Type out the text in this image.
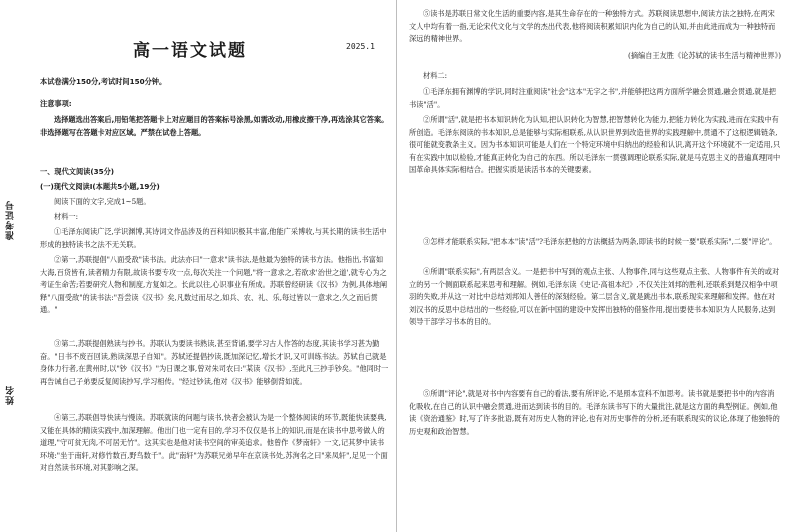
准考证号
姓名
高一语文试题	2025.1
本试卷满分150分,考试时间150分钟。
注意事项:
选择题选出答案后,用铅笔把答题卡上对应题目的答案标号涂黑,如需改动,用橡皮擦干净,再选涂其它答案。非选择题写在答题卡对应区域。严禁在试卷上答题。
一、现代文阅读(35分)
(一)现代文阅读Ⅰ(本题共5小题,19分)
阅读下面的文字,完成1~5题。
材料一:
①毛泽东阅读广泛,学识渊博,其诗词文作品涉及的百科知识极其丰富,他能广采博收,与其长期的读书生活中形成的独特读书之法不无关联。
②第一,苏联提倡"八面受敌"读书法。此法亦曰"一意求"读书法,是他最为独特的读书方法。他指出,书富如大海,百货皆有,读者精力有限,故读书要专攻一点,每次关注一个问题,"将一意求之,若欲求'治世之道',就专心为之考证生命苦;若要研究人物和制度,方复如之。长此以往,心识事业有所成。苏联曾经研读《汉书》为例,具体地阐释"八面受敌"的读书法:"吾尝读《汉书》矣,凡数过而尽之,如兵、农、礼、乐,每过皆以一意求之,久之而后贯通。"
③第二,苏联提倡熟读与抄书。苏联认为要读书熟读,甚至背诵,要学习古人作答的态度,其读书学习甚为勤奋。"日书不废百回读,熟读深思子自知"。苏轼还提倡抄读,既加深记忆,增长才识,又可训练书法。苏轼自己就是身体力行者,在黄州时,以"钞《汉书》"为日课之事,曾对朱司农曰:"某读《汉书》,至此凡三抄手钞矣。"他同时一再告诫自己子弟要反复阅读抄写,学习相传。"经过钞读,他对《汉书》能够倒背如流。
④第三,苏联倡导快读与慢读。苏联就读的问题与读书,快者会被认为是一个整体阅读的环节,既能快读要典,又能在具体的精读实践中,加深理解。他出门也一定有目的,学习不仅仅是书上的知识,而是在读书中思考做人的道理,"守可贫无肉,不可居无竹"。这其实也是他对读书空间的审美追求。他曾作《梦南轩》一文,记其梦中读书环境:"坐于南轩,对修竹数百,野鸟数千"。此"南轩"为苏联兄弟早年在京读书处,苏洵名之曰"来凤轩",足见一个面对自然读书环境,对其影响之深。
⑤读书是苏联日常文化生活的重要内容,是其生命存在的一种独特方式。苏联阅读思想中,阅读方法之独特,在两宋文人中均有着一指,无论宋代文化与文学的杰出代表,他将阅读积累知识内化为自己的认知,并由此进而成为一种独特而深远的精神世界。
(摘编自王友胜《论苏轼的读书生活与精神世界》)
材料二:
①毛泽东拥有渊博的学识,同时注重阅读"社会"这本"无字之书",并能够把这两方面所学融会贯通,融会贯通,就是把书读"活"。
②所谓"活",就是把书本知识转化为认知,把认识转化为智慧,把智慧转化为能力,把能力转化为实践,进而在实践中有所创造。毛泽东阅读的书本知识,总是能够与实际相联系,从认识世界到改造世界的实践理解中,贯通不了这根逻辑链条,很可能就变教条主义。因为书本知识可能是人们在一个特定环境中归纳出的经验和认识,离开这个环境就不一定适用,只有在实践中加以检验,才能真正转化为自己的东西。所以毛泽东一贯强调理论联系实际,就是马克思主义的普遍真理同中国革命具体实际相结合。把握实质是读活书本的关键要素。
③怎样才能联系实际,"把本本"读"活"?毛泽东把他的方法概括为两条,即读书的时候一要"联系实际",二要"评论"。
④所谓"联系实际",有两层含义。一是把书中写到的观点主张、人物事件,同与这些观点主张、人物事件有关的或对立的另一个侧面联系起来思考和理解。例如,毛泽东读《史记·高祖本纪》,不仅关注刘邦的胜利,还联系到楚汉相争中项羽的失败,并从这一对比中总结刘邦知人善任的深刻经验。第二层含义,就是跳出书本,联系现实来理解和发挥。他在对刘汉书的反思中总结出的一些经验,可以在新中国的建设中发挥出独特的借鉴作用,提出要使书本知识为人民服务,达到领导干部学习书本的目的。
⑤所谓"评论",就是对书中内容要有自己的看法,要有所评论,不是照本宣科不加思考。读书就是要把书中的内容消化吸收,在自己的认识中融会贯通,进而达到读书的目的。毛泽东读书写下的大量批注,就是这方面的典型例证。例如,他读《资治通鉴》时,写了许多批语,既有对历史人物的评论,也有对历史事件的分析,还有联系现实的议论,体现了他独特的历史观和政治智慧。
